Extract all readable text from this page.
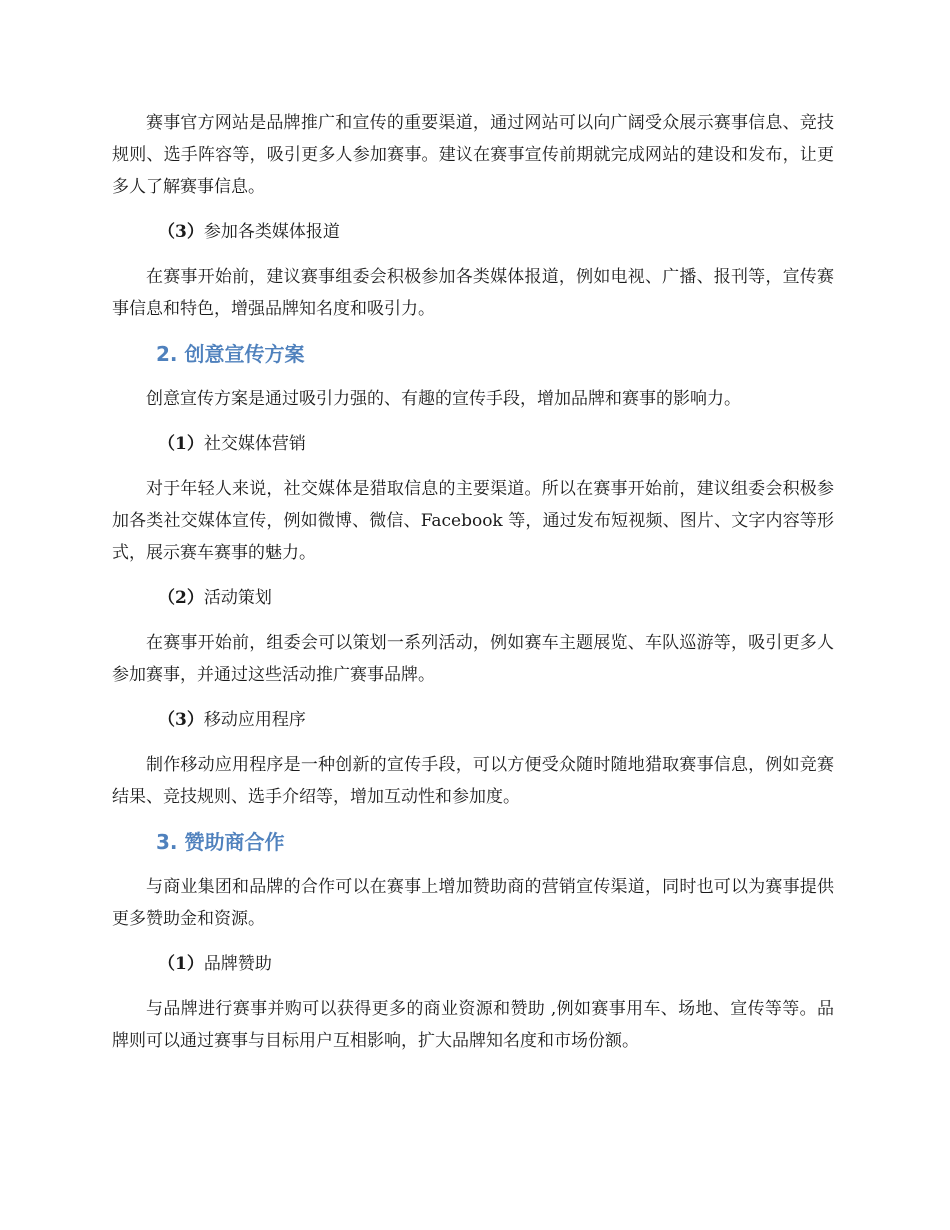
赛事官方网站是品牌推广和宣传的重要渠道，通过网站可以向广阔受众展示赛事信息、竞技规则、选手阵容等，吸引更多人参加赛事。建议在赛事宣传前期就完成网站的建设和发布，让更多人了解赛事信息。

（3）参加各类媒体报道

在赛事开始前，建议赛事组委会积极参加各类媒体报道，例如电视、广播、报刊等，宣传赛事信息和特色，增强品牌知名度和吸引力。

2. 创意宣传方案

创意宣传方案是通过吸引力强的、有趣的宣传手段，增加品牌和赛事的影响力。

（1）社交媒体营销

对于年轻人来说，社交媒体是猎取信息的主要渠道。所以在赛事开始前，建议组委会积极参加各类社交媒体宣传，例如微博、微信、Facebook 等，通过发布短视频、图片、文字内容等形式，展示赛车赛事的魅力。

（2）活动策划

在赛事开始前，组委会可以策划一系列活动，例如赛车主题展览、车队巡游等，吸引更多人参加赛事，并通过这些活动推广赛事品牌。

（3）移动应用程序

制作移动应用程序是一种创新的宣传手段，可以方便受众随时随地猎取赛事信息，例如竞赛结果、竞技规则、选手介绍等，增加互动性和参加度。

3. 赞助商合作

与商业集团和品牌的合作可以在赛事上增加赞助商的营销宣传渠道，同时也可以为赛事提供更多赞助金和资源。

（1）品牌赞助

与品牌进行赛事并购可以获得更多的商业资源和赞助 ,例如赛事用车、场地、宣传等等。品牌则可以通过赛事与目标用户互相影响，扩大品牌知名度和市场份额。
